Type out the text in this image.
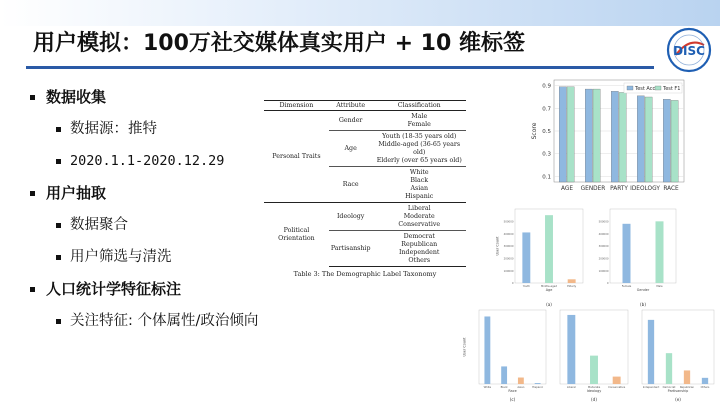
用户模拟：100万社交媒体真实用户 + 10 维标签	DISC
数据收集
数据源：推特
2020.1.1-2020.12.29
用户抽取
数据聚合
用户筛选与清洗
人口统计学特征标注
关注特征: 个体属性/政治倾向
Dimension	Attribute	Classification
Personal Traits	Gender	Male
Female
	Age	Youth (18-35 years old)
Middle-aged (36-65 years old)
Elderly (over 65 years old)
	Race	White
Black
Asian
Hispanic
Political Orientation	Ideology	Liberal
Moderate
Conservative
	Partisanship	Democrat
Republican
Independent
Others
Table 3: The Demographic Label Taxonomy
0.9
0.7
0.5
0.3
0.1
Score
AGE GENDER PARTY IDEOLOGY RACE
Test Acc Test F1
500000
400000
300000
200000
100000
0
User Count
Youth	Middle-aged	Elderly
Age
(a)
500000
400000
300000
200000
100000
0
Female	Male
Gender
(b)
User Count
White	Black	Asian	Hispanic
Race
(c)
Liberal	Moderate	Conservative
Ideology
(d)
Independent Democrat Republican Others
Partisanship
(e)
